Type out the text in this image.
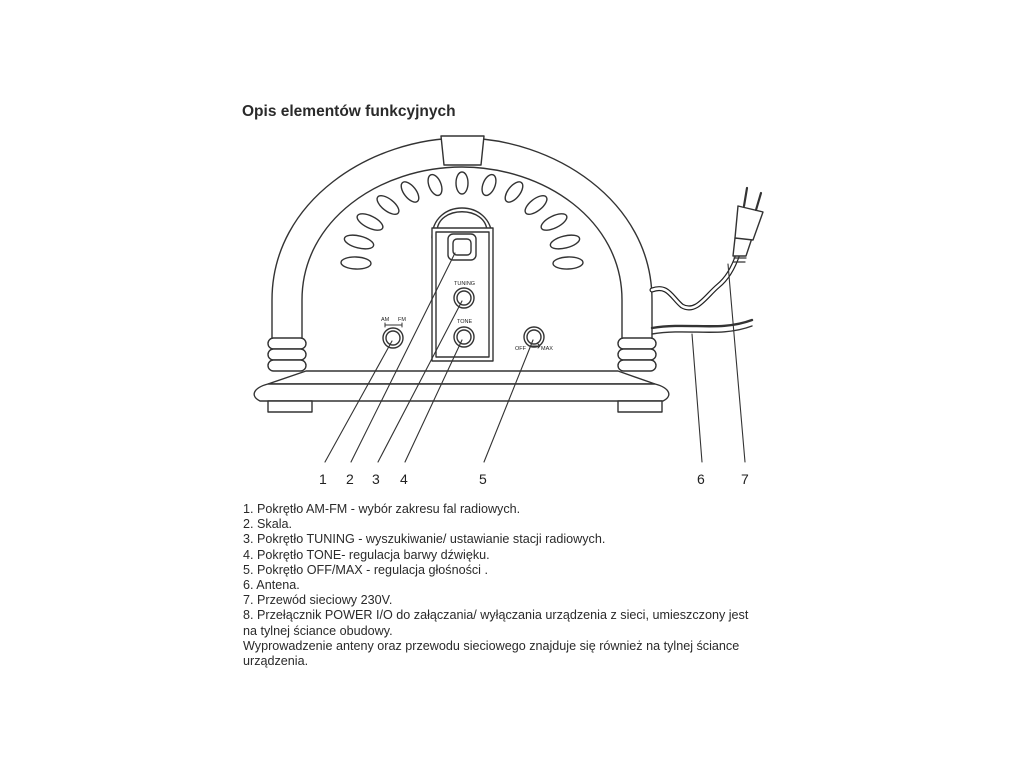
Opis elementów funkcyjnych
AM FM
TUNING
TONE
OFF	MAX
1 2 3 4	5	6	7
1. Pokrętło AM-FM - wybór zakresu fal radiowych.
2. Skala.
3. Pokrętło TUNING - wyszukiwanie/ ustawianie stacji radiowych.
4. Pokrętło TONE- regulacja barwy dźwięku.
5. Pokrętło OFF/MAX - regulacja głośności .
6. Antena.
7. Przewód sieciowy 230V.
8. Przełącznik POWER I/O do załączania/ wyłączania urządzenia z sieci, umieszczony jest
na tylnej ściance obudowy.
Wyprowadzenie anteny oraz przewodu sieciowego znajduje się również na tylnej ściance
urządzenia.
